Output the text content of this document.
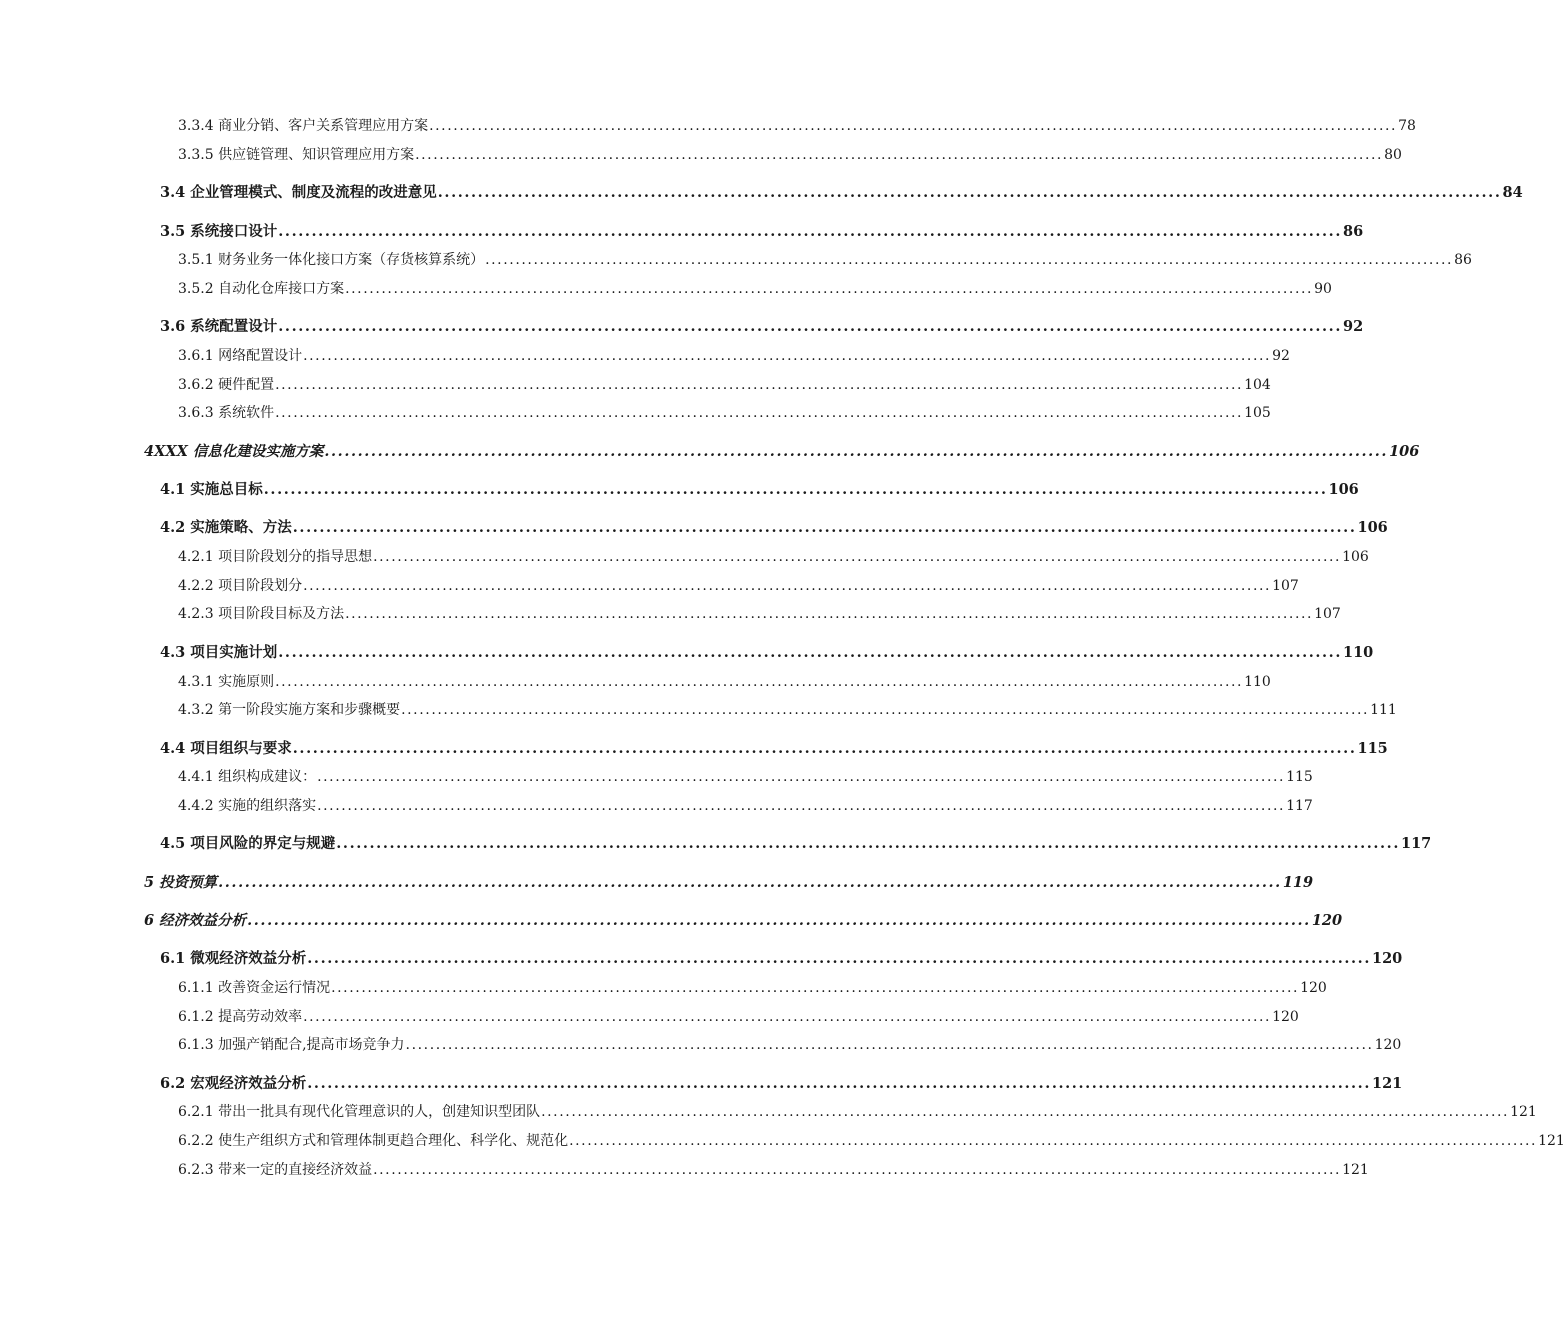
3.3.4 商业分销、客户关系管理应用方案 ................................................................................................................................................................ 78
3.3.5 供应链管理、知识管理应用方案 ................................................................................................................................................................ 80
3.4 企业管理模式、制度及流程的改进意见 ................................................................................................................................................................ 84
3.5 系统接口设计 ................................................................................................................................................................ 86
3.5.1 财务业务一体化接口方案（存货核算系统） ................................................................................................................................................................ 86
3.5.2 自动化仓库接口方案 ................................................................................................................................................................ 90
3.6 系统配置设计 ................................................................................................................................................................ 92
3.6.1 网络配置设计 ................................................................................................................................................................ 92
3.6.2 硬件配置 ................................................................................................................................................................ 104
3.6.3 系统软件 ................................................................................................................................................................ 105
4XXX 信息化建设实施方案 ................................................................................................................................................................ 106
4.1 实施总目标 ................................................................................................................................................................ 106
4.2 实施策略、方法 ................................................................................................................................................................ 106
4.2.1 项目阶段划分的指导思想 ................................................................................................................................................................ 106
4.2.2 项目阶段划分 ................................................................................................................................................................ 107
4.2.3 项目阶段目标及方法 ................................................................................................................................................................ 107
4.3 项目实施计划 ................................................................................................................................................................ 110
4.3.1 实施原则 ................................................................................................................................................................ 110
4.3.2 第一阶段实施方案和步骤概要 ................................................................................................................................................................ 111
4.4 项目组织与要求 ................................................................................................................................................................ 115
4.4.1 组织构成建议： ................................................................................................................................................................ 115
4.4.2 实施的组织落实 ................................................................................................................................................................ 117
4.5 项目风险的界定与规避 ................................................................................................................................................................ 117
5 投资预算 ................................................................................................................................................................ 119
6 经济效益分析 ................................................................................................................................................................ 120
6.1 微观经济效益分析 ................................................................................................................................................................ 120
6.1.1 改善资金运行情况 ................................................................................................................................................................ 120
6.1.2 提高劳动效率 ................................................................................................................................................................ 120
6.1.3 加强产销配合,提高市场竞争力 ................................................................................................................................................................ 120
6.2 宏观经济效益分析 ................................................................................................................................................................ 121
6.2.1 带出一批具有现代化管理意识的人，创建知识型团队 ................................................................................................................................................................ 121
6.2.2 使生产组织方式和管理体制更趋合理化、科学化、规范化 ................................................................................................................................................................ 121
6.2.3 带来一定的直接经济效益 ................................................................................................................................................................ 121
